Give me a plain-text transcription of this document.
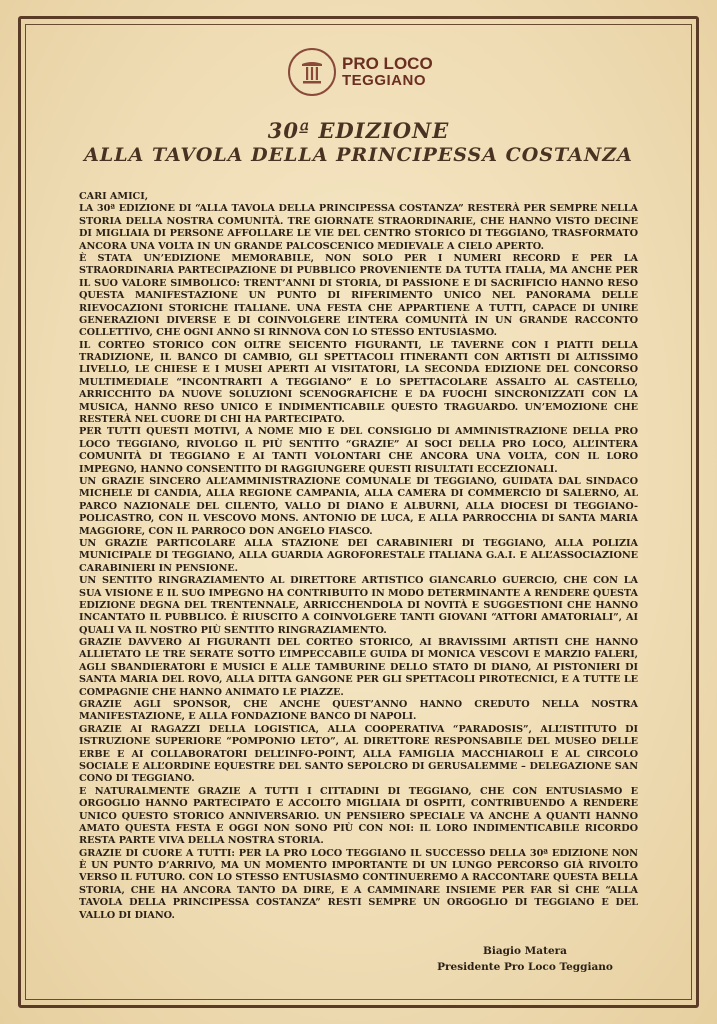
PRO LOCO
TEGGIANO
30ª EDIZIONE
ALLA TAVOLA DELLA PRINCIPESSA COSTANZA

CARI AMICI,

LA 30ª EDIZIONE DI “ALLA TAVOLA DELLA PRINCIPESSA COSTANZA” RESTERÀ PER SEMPRE NELLA STORIA DELLA NOSTRA COMUNITÀ. TRE GIORNATE STRAORDINARIE, CHE HANNO VISTO DECINE DI MIGLIAIA DI PERSONE AFFOLLARE LE VIE DEL CENTRO STORICO DI TEGGIANO, TRASFORMATO ANCORA UNA VOLTA IN UN GRANDE PALCOSCENICO MEDIEVALE A CIELO APERTO.

È STATA UN’EDIZIONE MEMORABILE, NON SOLO PER I NUMERI RECORD E PER LA STRAORDINARIA PARTECIPAZIONE DI PUBBLICO PROVENIENTE DA TUTTA ITALIA, MA ANCHE PER IL SUO VALORE SIMBOLICO: TRENT’ANNI DI STORIA, DI PASSIONE E DI SACRIFICIO HANNO RESO QUESTA MANIFESTAZIONE UN PUNTO DI RIFERIMENTO UNICO NEL PANORAMA DELLE RIEVOCAZIONI STORICHE ITALIANE. UNA FESTA CHE APPARTIENE A TUTTI, CAPACE DI UNIRE GENERAZIONI DIVERSE E DI COINVOLGERE L’INTERA COMUNITÀ IN UN GRANDE RACCONTO COLLETTIVO, CHE OGNI ANNO SI RINNOVA CON LO STESSO ENTUSIASMO.

IL CORTEO STORICO CON OLTRE SEICENTO FIGURANTI, LE TAVERNE CON I PIATTI DELLA TRADIZIONE, IL BANCO DI CAMBIO, GLI SPETTACOLI ITINERANTI CON ARTISTI DI ALTISSIMO LIVELLO, LE CHIESE E I MUSEI APERTI AI VISITATORI, LA SECONDA EDIZIONE DEL CONCORSO MULTIMEDIALE “INCONTRARTI A TEGGIANO” E LO SPETTACOLARE ASSALTO AL CASTELLO, ARRICCHITO DA NUOVE SOLUZIONI SCENOGRAFICHE E DA FUOCHI SINCRONIZZATI CON LA MUSICA, HANNO RESO UNICO E INDIMENTICABILE QUESTO TRAGUARDO. UN’EMOZIONE CHE RESTERÀ NEL CUORE DI CHI HA PARTECIPATO.

PER TUTTI QUESTI MOTIVI, A NOME MIO E DEL CONSIGLIO DI AMMINISTRAZIONE DELLA PRO LOCO TEGGIANO, RIVOLGO IL PIÙ SENTITO “GRAZIE” AI SOCI DELLA PRO LOCO, ALL’INTERA COMUNITÀ DI TEGGIANO E AI TANTI VOLONTARI CHE ANCORA UNA VOLTA, CON IL LORO IMPEGNO, HANNO CONSENTITO DI RAGGIUNGERE QUESTI RISULTATI ECCEZIONALI.

UN GRAZIE SINCERO ALL’AMMINISTRAZIONE COMUNALE DI TEGGIANO, GUIDATA DAL SINDACO MICHELE DI CANDIA, ALLA REGIONE CAMPANIA, ALLA CAMERA DI COMMERCIO DI SALERNO, AL PARCO NAZIONALE DEL CILENTO, VALLO DI DIANO E ALBURNI, ALLA DIOCESI DI TEGGIANO-POLICASTRO, CON IL VESCOVO MONS. ANTONIO DE LUCA, E ALLA PARROCCHIA DI SANTA MARIA MAGGIORE, CON IL PARROCO DON ANGELO FIASCO.

UN GRAZIE PARTICOLARE ALLA STAZIONE DEI CARABINIERI DI TEGGIANO, ALLA POLIZIA MUNICIPALE DI TEGGIANO, ALLA GUARDIA AGROFORESTALE ITALIANA G.A.I. E ALL’ASSOCIAZIONE CARABINIERI IN PENSIONE.

UN SENTITO RINGRAZIAMENTO AL DIRETTORE ARTISTICO GIANCARLO GUERCIO, CHE CON LA SUA VISIONE E IL SUO IMPEGNO HA CONTRIBUITO IN MODO DETERMINANTE A RENDERE QUESTA EDIZIONE DEGNA DEL TRENTENNALE, ARRICCHENDOLA DI NOVITÀ E SUGGESTIONI CHE HANNO INCANTATO IL PUBBLICO. È RIUSCITO A COINVOLGERE TANTI GIOVANI “ATTORI AMATORIALI”, AI QUALI VA IL NOSTRO PIÙ SENTITO RINGRAZIAMENTO.

GRAZIE DAVVERO AI FIGURANTI DEL CORTEO STORICO, AI BRAVISSIMI ARTISTI CHE HANNO ALLIETATO LE TRE SERATE SOTTO L’IMPECCABILE GUIDA DI MONICA VESCOVI E MARZIO FALERI, AGLI SBANDIERATORI E MUSICI E ALLE TAMBURINE DELLO STATO DI DIANO, AI PISTONIERI DI SANTA MARIA DEL ROVO, ALLA DITTA GANGONE PER GLI SPETTACOLI PIROTECNICI, E A TUTTE LE COMPAGNIE CHE HANNO ANIMATO LE PIAZZE.

GRAZIE AGLI SPONSOR, CHE ANCHE QUEST’ANNO HANNO CREDUTO NELLA NOSTRA MANIFESTAZIONE, E ALLA FONDAZIONE BANCO DI NAPOLI.

GRAZIE AI RAGAZZI DELLA LOGISTICA, ALLA COOPERATIVA “PARADOSIS”, ALL’ISTITUTO DI ISTRUZIONE SUPERIORE “POMPONIO LETO”, AL DIRETTORE RESPONSABILE DEL MUSEO DELLE ERBE E AI COLLABORATORI DELL’INFO-POINT, ALLA FAMIGLIA MACCHIAROLI E AL CIRCOLO SOCIALE E ALL’ORDINE EQUESTRE DEL SANTO SEPOLCRO DI GERUSALEMME – DELEGAZIONE SAN CONO DI TEGGIANO.

E NATURALMENTE GRAZIE A TUTTI I CITTADINI DI TEGGIANO, CHE CON ENTUSIASMO E ORGOGLIO HANNO PARTECIPATO E ACCOLTO MIGLIAIA DI OSPITI, CONTRIBUENDO A RENDERE UNICO QUESTO STORICO ANNIVERSARIO. UN PENSIERO SPECIALE VA ANCHE A QUANTI HANNO AMATO QUESTA FESTA E OGGI NON SONO PIÙ CON NOI: IL LORO INDIMENTICABILE RICORDO RESTA PARTE VIVA DELLA NOSTRA STORIA.

GRAZIE DI CUORE A TUTTI: PER LA PRO LOCO TEGGIANO IL SUCCESSO DELLA 30ª EDIZIONE NON È UN PUNTO D’ARRIVO, MA UN MOMENTO IMPORTANTE DI UN LUNGO PERCORSO GIÀ RIVOLTO VERSO IL FUTURO. CON LO STESSO ENTUSIASMO CONTINUEREMO A RACCONTARE QUESTA BELLA STORIA, CHE HA ANCORA TANTO DA DIRE, E A CAMMINARE INSIEME PER FAR SÌ CHE “ALLA TAVOLA DELLA PRINCIPESSA COSTANZA” RESTI SEMPRE UN ORGOGLIO DI TEGGIANO E DEL VALLO DI DIANO.

Biagio Matera
Presidente Pro Loco Teggiano
